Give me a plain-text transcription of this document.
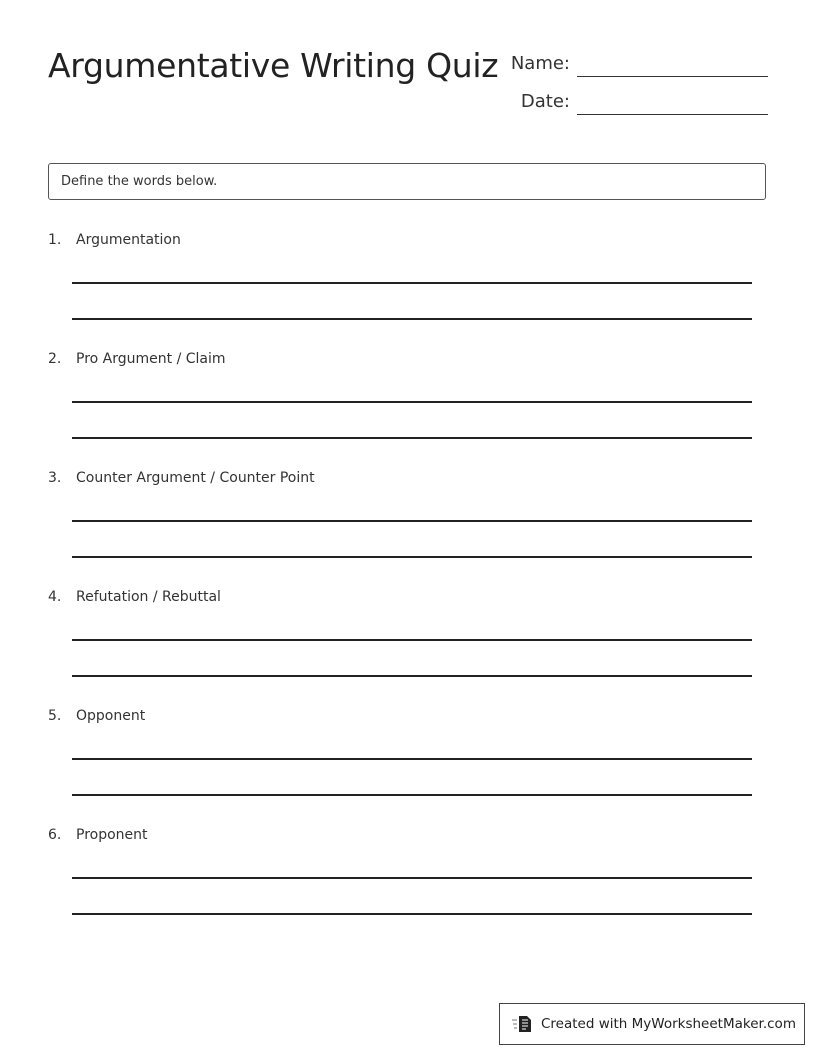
Argumentative Writing Quiz Name:
Date:
Define the words below.
1. Argumentation
2. Pro Argument / Claim
3. Counter Argument / Counter Point
4. Refutation / Rebuttal
5. Opponent
6. Proponent
Created with MyWorksheetMaker.com
